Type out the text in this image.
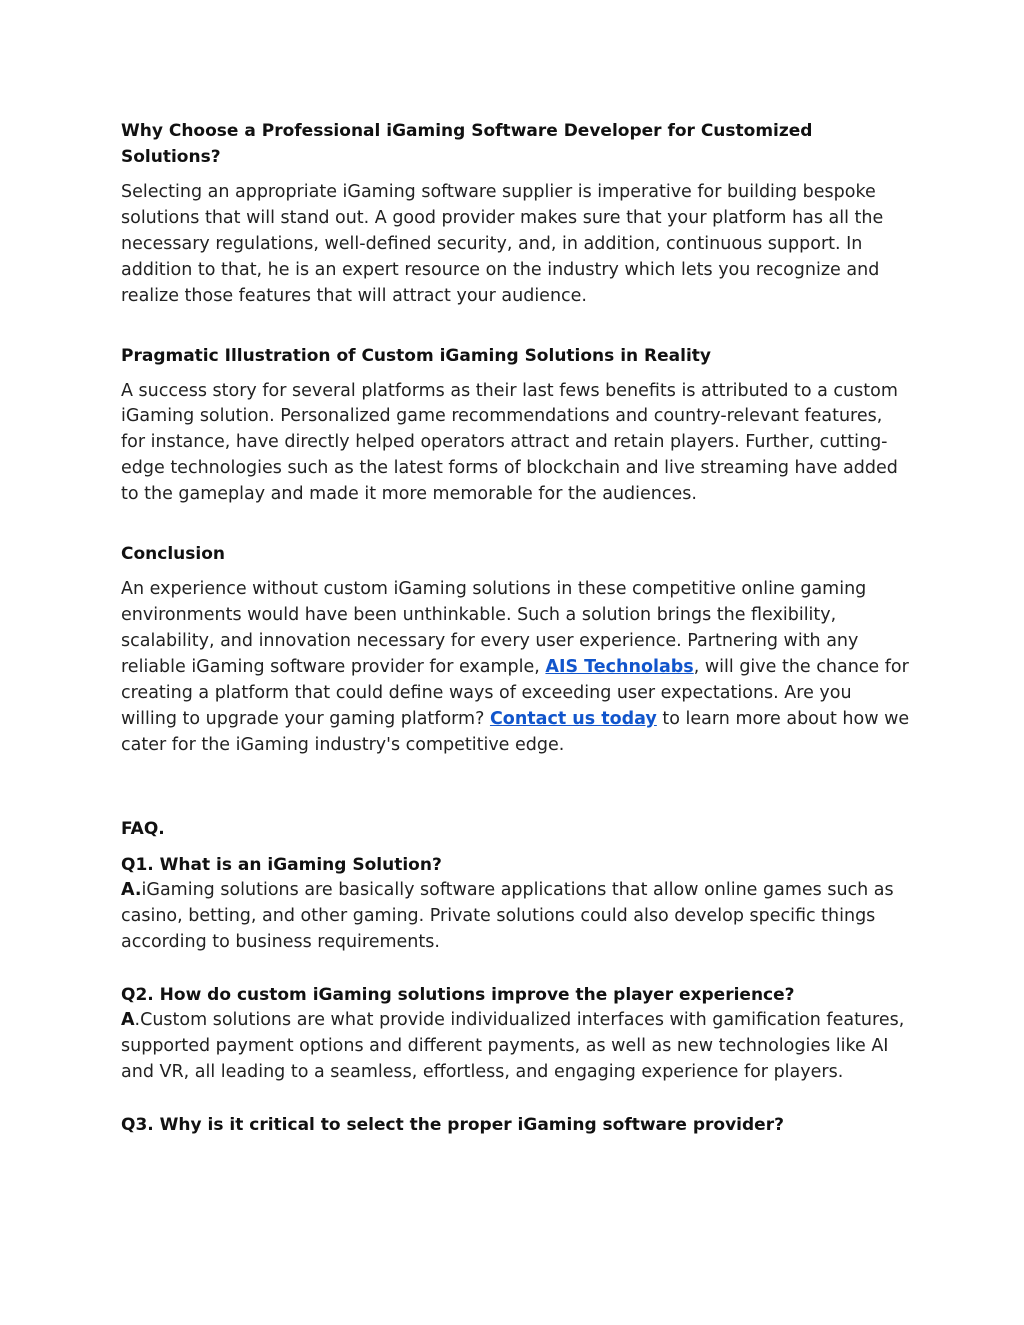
Why Choose a Professional iGaming Software Developer for Customized Solutions?

Selecting an appropriate iGaming software supplier is imperative for building bespoke solutions that will stand out. A good provider makes sure that your platform has all the necessary regulations, well-defined security, and, in addition, continuous support. In addition to that, he is an expert resource on the industry which lets you recognize and realize those features that will attract your audience.

Pragmatic Illustration of Custom iGaming Solutions in Reality

A success story for several platforms as their last fews benefits is attributed to a custom iGaming solution. Personalized game recommendations and country-relevant features, for instance, have directly helped operators attract and retain players. Further, cutting-edge technologies such as the latest forms of blockchain and live streaming have added to the gameplay and made it more memorable for the audiences.

Conclusion

An experience without custom iGaming solutions in these competitive online gaming environments would have been unthinkable. Such a solution brings the flexibility, scalability, and innovation necessary for every user experience. Partnering with any reliable iGaming software provider for example, AIS Technolabs, will give the chance for creating a platform that could define ways of exceeding user expectations. Are you willing to upgrade your gaming platform? Contact us today to learn more about how we cater for the iGaming industry's competitive edge.

FAQ.

Q1. What is an iGaming Solution?

A.iGaming solutions are basically software applications that allow online games such as casino, betting, and other gaming. Private solutions could also develop specific things according to business requirements.

Q2. How do custom iGaming solutions improve the player experience?

A.Custom solutions are what provide individualized interfaces with gamification features, supported payment options and different payments, as well as new technologies like AI and VR, all leading to a seamless, effortless, and engaging experience for players.

Q3. Why is it critical to select the proper iGaming software provider?
